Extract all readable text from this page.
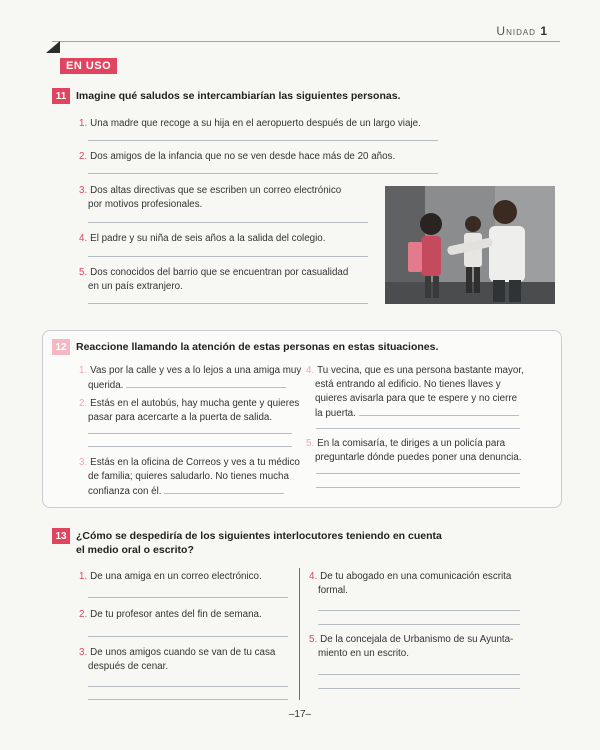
Unidad 1
EN USO
11 Imagine qué saludos se intercambiarían las siguientes personas.
1. Una madre que recoge a su hija en el aeropuerto después de un largo viaje.
2. Dos amigos de la infancia que no se ven desde hace más de 20 años.
3. Dos altas directivas que se escriben un correo electrónico
por motivos profesionales.
4. El padre y su niña de seis años a la salida del colegio.
5. Dos conocidos del barrio que se encuentran por casualidad
en un país extranjero.
12 Reaccione llamando la atención de estas personas en estas situaciones.
1. Vas por la calle y ves a lo lejos a una amiga muy
querida.
2. Estás en el autobús, hay mucha gente y quieres
pasar para acercarte a la puerta de salida.
3. Estás en la oficina de Correos y ves a tu médico
de familia; quieres saludarlo. No tienes mucha
confianza con él.
4. Tu vecina, que es una persona bastante mayor,
está entrando al edificio. No tienes llaves y
quieres avisarla para que te espere y no cierre
la puerta.
5. En la comisaría, te diriges a un policía para
preguntarle dónde puedes poner una denuncia.
13 ¿Cómo se despediría de los siguientes interlocutores teniendo en cuenta
el medio oral o escrito?
1. De una amiga en un correo electrónico.
2. De tu profesor antes del fin de semana.
3. De unos amigos cuando se van de tu casa
después de cenar.
4. De tu abogado en una comunicación escrita
formal.
5. De la concejala de Urbanismo de su Ayunta-
miento en un escrito.
–17–
